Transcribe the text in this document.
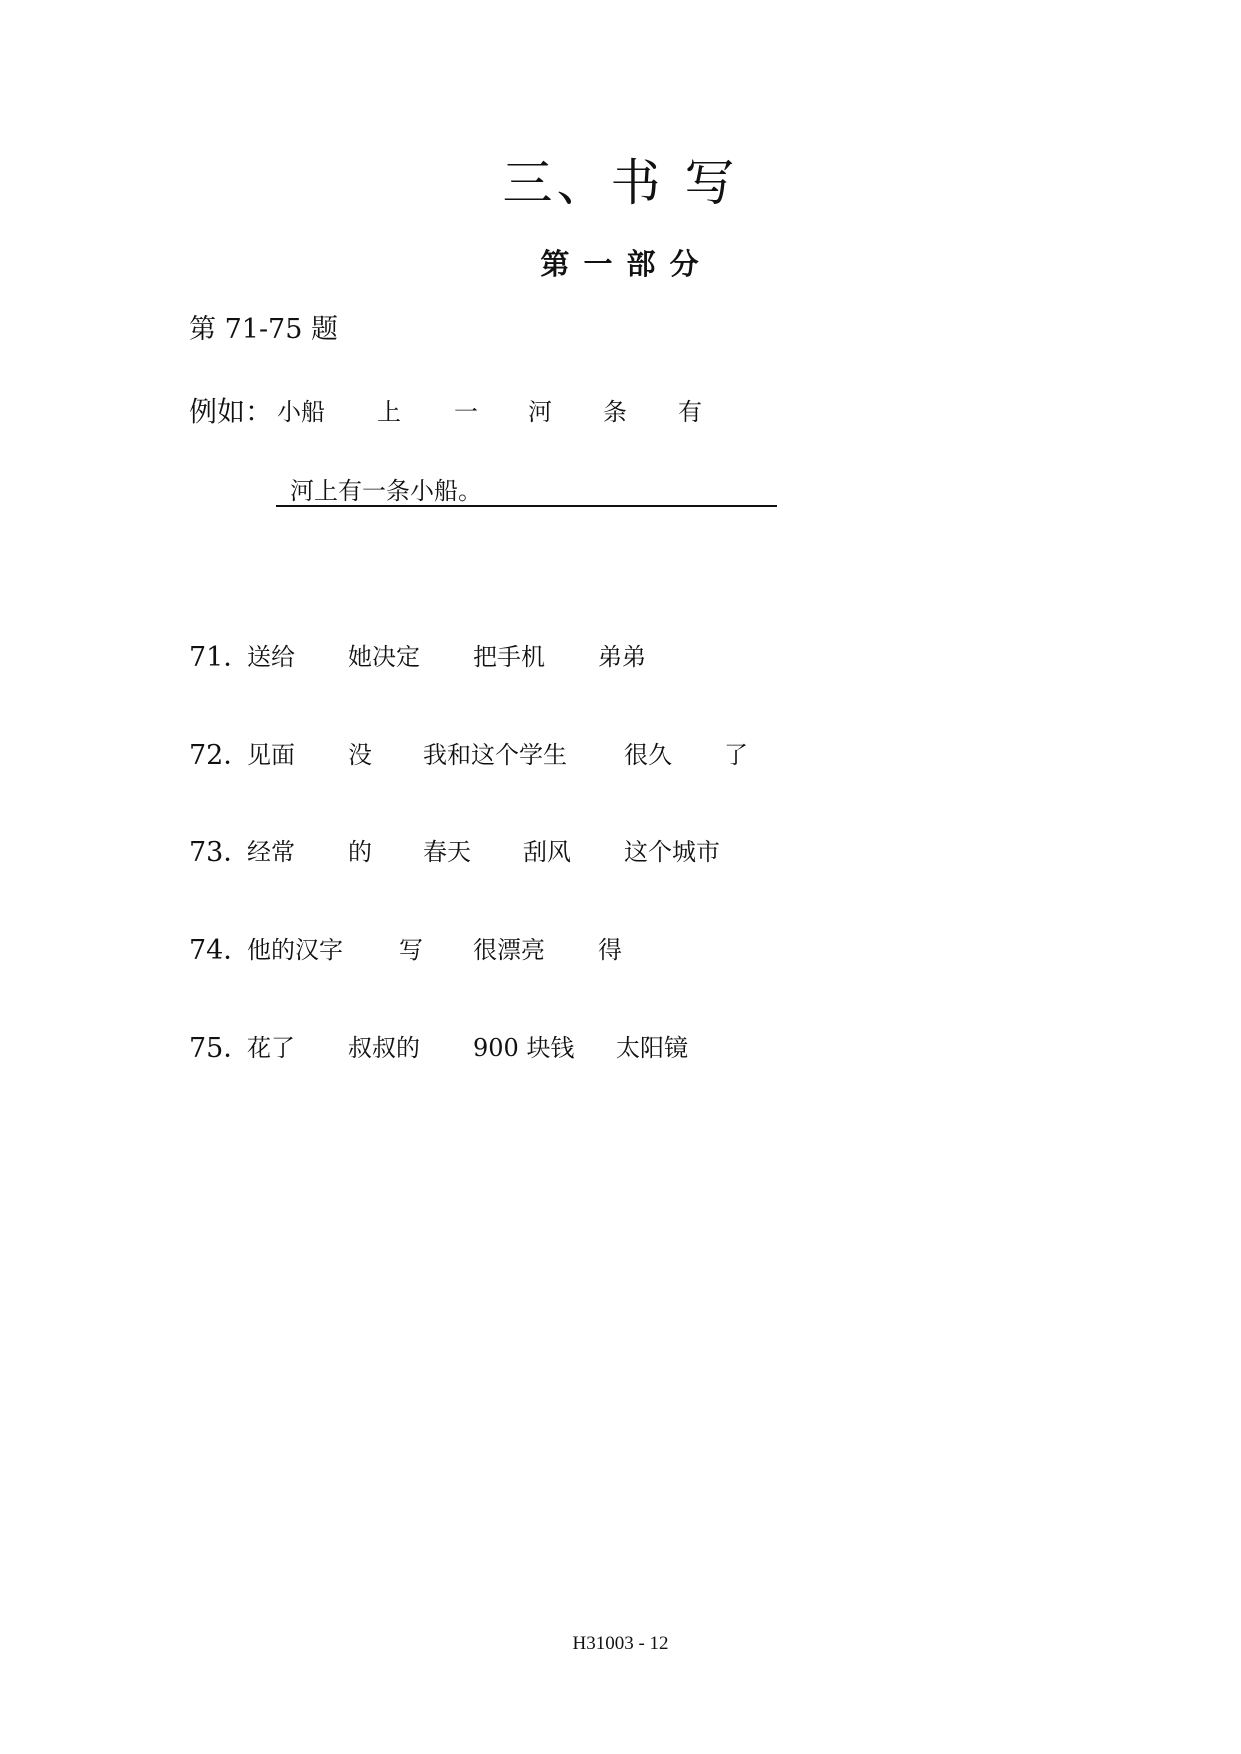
三、书 写
第 一 部 分
第 71-75 题
例如： 小船 上 一 河 条 有
河上有一条小船。
71．
送给 她决定 把手机 弟弟
72．
见面 没 我和这个学生 很久 了
73．
经常 的 春天 刮风 这个城市
74．
他的汉字 写 很漂亮 得
75．
花了 叔叔的 900 块钱 太阳镜
H31003 - 12
